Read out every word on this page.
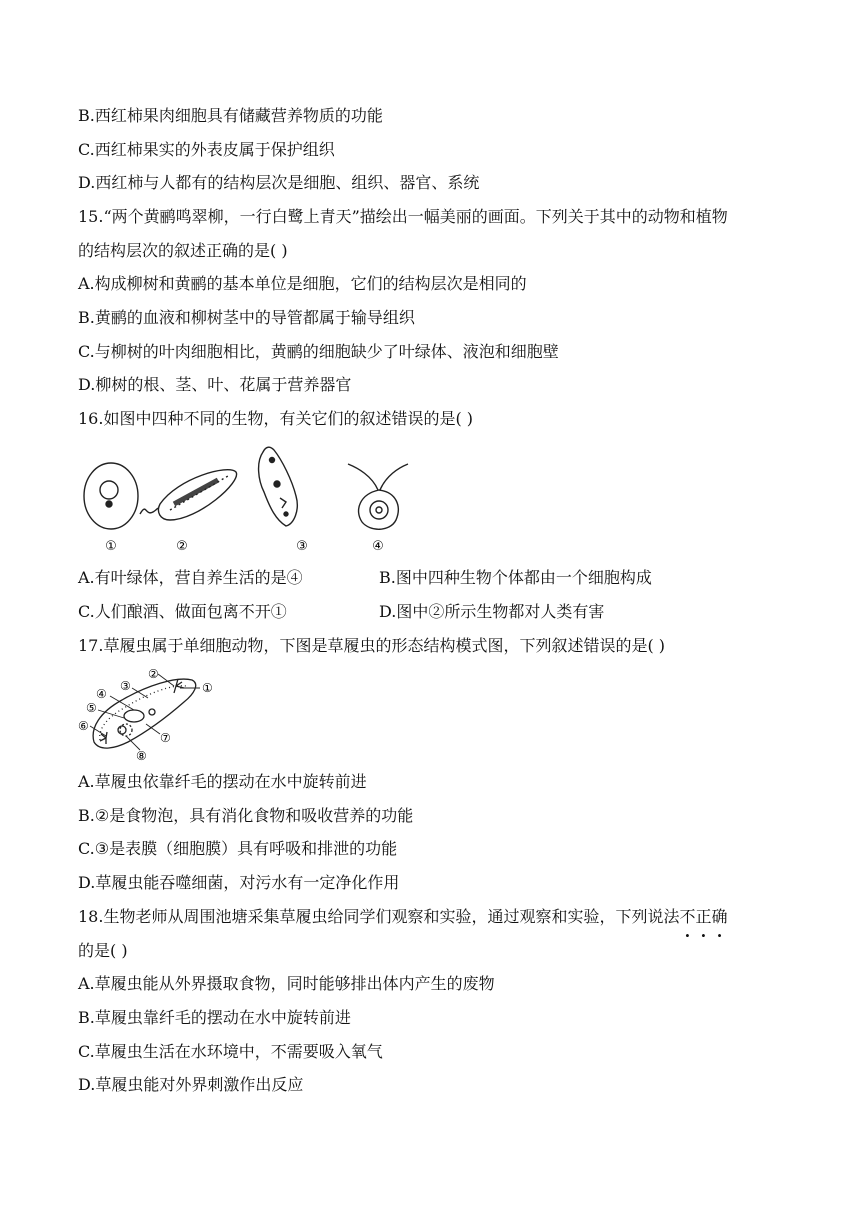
B.西红柿果肉细胞具有储藏营养物质的功能
C.西红柿果实的外表皮属于保护组织
D.西红柿与人都有的结构层次是细胞、组织、器官、系统
15.“两个黄鹂鸣翠柳，一行白鹭上青天”描绘出一幅美丽的画面。下列关于其中的动物和植物
的结构层次的叙述正确的是( )
A.构成柳树和黄鹂的基本单位是细胞，它们的结构层次是相同的
B.黄鹂的血液和柳树茎中的导管都属于输导组织
C.与柳树的叶肉细胞相比，黄鹂的细胞缺少了叶绿体、液泡和细胞壁
D.柳树的根、茎、叶、花属于营养器官
16.如图中四种不同的生物，有关它们的叙述错误的是( )
①	②	③	④
A.有叶绿体，营自养生活的是④	B.图中四种生物个体都由一个细胞构成
C.人们酿酒、做面包离不开①	D.图中②所示生物都对人类有害
17.草履虫属于单细胞动物，下图是草履虫的形态结构模式图，下列叙述错误的是( )
①
②
③
④
⑤
⑥
⑦
⑧
A.草履虫依靠纤毛的摆动在水中旋转前进
B.②是食物泡，具有消化食物和吸收营养的功能
C.③是表膜（细胞膜）具有呼吸和排泄的功能
D.草履虫能吞噬细菌，对污水有一定净化作用
18.生物老师从周围池塘采集草履虫给同学们观察和实验，通过观察和实验，下列说法不正确
的是( )
A.草履虫能从外界摄取食物，同时能够排出体内产生的废物
B.草履虫靠纤毛的摆动在水中旋转前进
C.草履虫生活在水环境中，不需要吸入氧气
D.草履虫能对外界刺激作出反应
